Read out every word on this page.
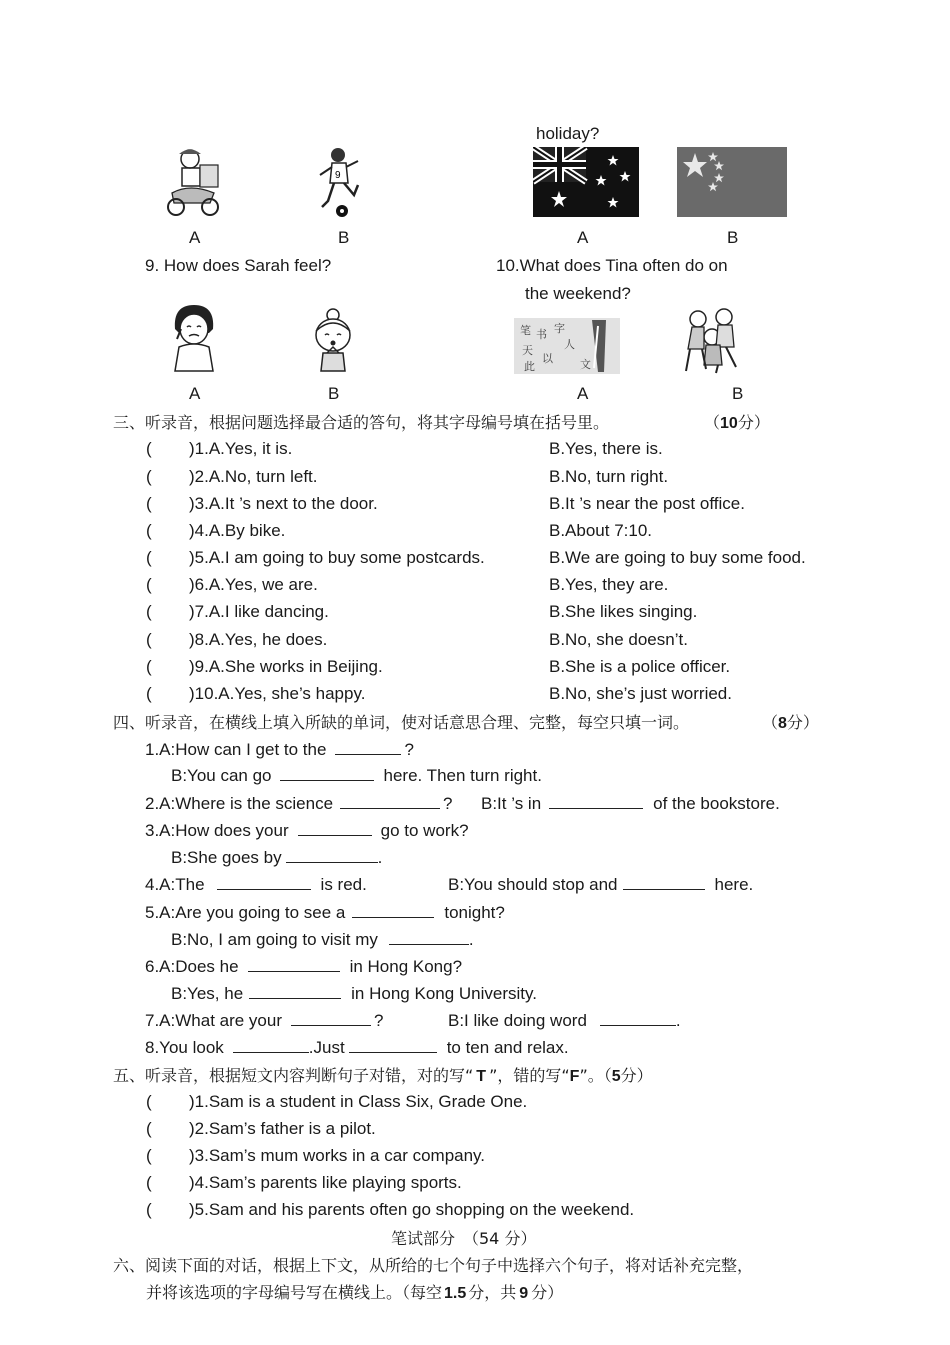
holiday?
9
A	B	A	B
9. How does Sarah feel?	10.What does Tina often do on
the weekend?
笔 书 字
天
以
人
此	文
A	B	A	B
三、听录音，根据问题选择最合适的答句，将其字母编号填在括号里。	（10分）
( )1.A.Yes, it is.	B.Yes, there is.
( )2.A.No, turn left.	B.No, turn right.
( )3.A.It ’s next to the door.	B.It ’s near the post office.
( )4.A.By bike.	B.About 7:10.
( )5.A.I am going to buy some postcards.	B.We are going to buy some food.
( )6.A.Yes, we are.	B.Yes, they are.
( )7.A.I like dancing.	B.She likes singing.
( )8.A.Yes, he does.	B.No, she doesn’t.
( )9.A.She works in Beijing.	B.She is a police officer.
( )10.A.Yes, she’s happy.	B.No, she’s just worried.
四、听录音，在横线上填入所缺的单词，使对话意思合理、完整，每空只填一词。	（8分）
1.A:How can I get to the	?
B:You can go	here. Then turn right.
2.A:Where is the science	? B:It ’s in	of the bookstore.
3.A:How does your	go to work?
B:She goes by	.
4.A:The	is red.	B:You should stop and	here.
5.A:Are you going to see a	tonight?
B:No, I am going to visit my	.
6.A:Does he	in Hong Kong?
B:Yes, he	in Hong Kong University.
7.A:What are your	?	B:I like doing word	.
8.You look	.Just	to ten and relax.
五、听录音，根据短文内容判断句子对错，对的写“ T ”，错的写“F”。（5分）
( )1.Sam is a student in Class Six, Grade One.
( )2.Sam’s father is a pilot.
( )3.Sam’s mum works in a car company.
( )4.Sam’s parents like playing sports.
( )5.Sam and his parents often go shopping on the weekend.
笔试部分　（54 分）
六、阅读下面的对话，根据上下文，从所给的七个句子中选择六个句子，将对话补充完整，
并将该选项的字母编号写在横线上。（每空 1.5 分，共 9 分）
